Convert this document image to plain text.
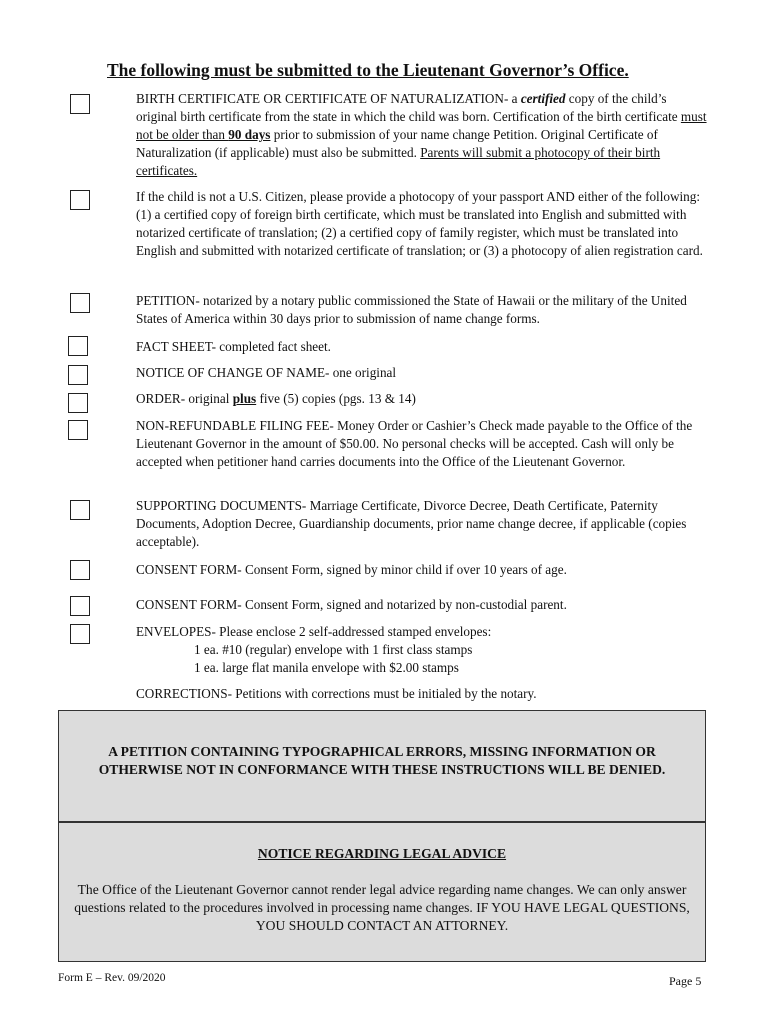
The following must be submitted to the Lieutenant Governor’s Office.
BIRTH CERTIFICATE OR CERTIFICATE OF NATURALIZATION- a certified copy of the child’s original birth certificate from the state in which the child was born. Certification of the birth certificate must not be older than 90 days prior to submission of your name change Petition. Original Certificate of Naturalization (if applicable) must also be submitted. Parents will submit a photocopy of their birth certificates.
If the child is not a U.S. Citizen, please provide a photocopy of your passport AND either of the following: (1) a certified copy of foreign birth certificate, which must be translated into English and submitted with notarized certificate of translation; (2) a certified copy of family register, which must be translated into English and submitted with notarized certificate of translation; or (3) a photocopy of alien registration card.
PETITION- notarized by a notary public commissioned the State of Hawaii or the military of the United States of America within 30 days prior to submission of name change forms.
FACT SHEET- completed fact sheet.
NOTICE OF CHANGE OF NAME- one original
ORDER- original plus five (5) copies (pgs. 13 & 14)
NON-REFUNDABLE FILING FEE- Money Order or Cashier’s Check made payable to the Office of the Lieutenant Governor in the amount of $50.00. No personal checks will be accepted. Cash will only be accepted when petitioner hand carries documents into the Office of the Lieutenant Governor.
SUPPORTING DOCUMENTS- Marriage Certificate, Divorce Decree, Death Certificate, Paternity Documents, Adoption Decree, Guardianship documents, prior name change decree, if applicable (copies acceptable).
CONSENT FORM- Consent Form, signed by minor child if over 10 years of age.
CONSENT FORM- Consent Form, signed and notarized by non-custodial parent.
ENVELOPES- Please enclose 2 self-addressed stamped envelopes:
1 ea. #10 (regular) envelope with 1 first class stamps
1 ea. large flat manila envelope with $2.00 stamps
CORRECTIONS- Petitions with corrections must be initialed by the notary.
A PETITION CONTAINING TYPOGRAPHICAL ERRORS, MISSING INFORMATION OR OTHERWISE NOT IN CONFORMANCE WITH THESE INSTRUCTIONS WILL BE DENIED.
NOTICE REGARDING LEGAL ADVICE
The Office of the Lieutenant Governor cannot render legal advice regarding name changes. We can only answer questions related to the procedures involved in processing name changes. IF YOU HAVE LEGAL QUESTIONS, YOU SHOULD CONTACT AN ATTORNEY.
Form E – Rev. 09/2020	Page 5
